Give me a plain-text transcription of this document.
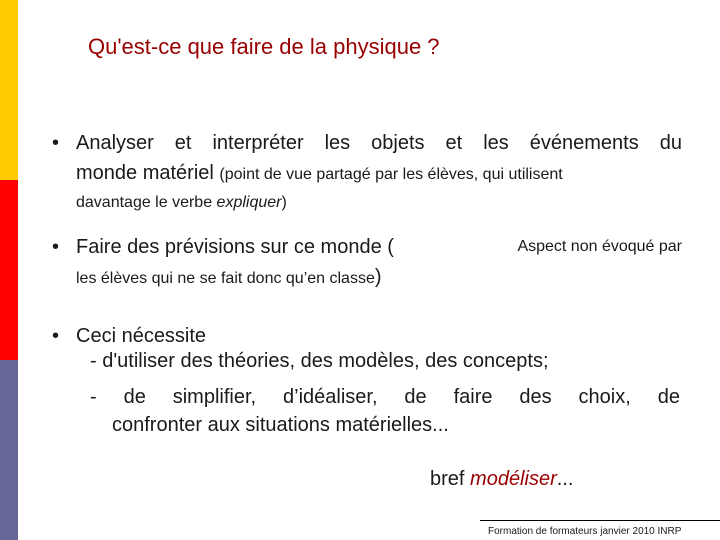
Qu'est-ce que faire de la physique ?
• Analyser et interpréter les objets et les événements du
monde matériel (point de vue partagé par les élèves, qui utilisent
davantage le verbe expliquer)
• Faire des prévisions sur ce monde (	Aspect non évoqué par
les élèves qui ne se fait donc qu’en classe)
• Ceci nécessite
- d'utiliser des théories, des modèles, des concepts;
- de simplifier, d’idéaliser, de faire des choix, de
confronter aux situations matérielles...
bref modéliser...
Formation de formateurs janvier 2010 INRP
